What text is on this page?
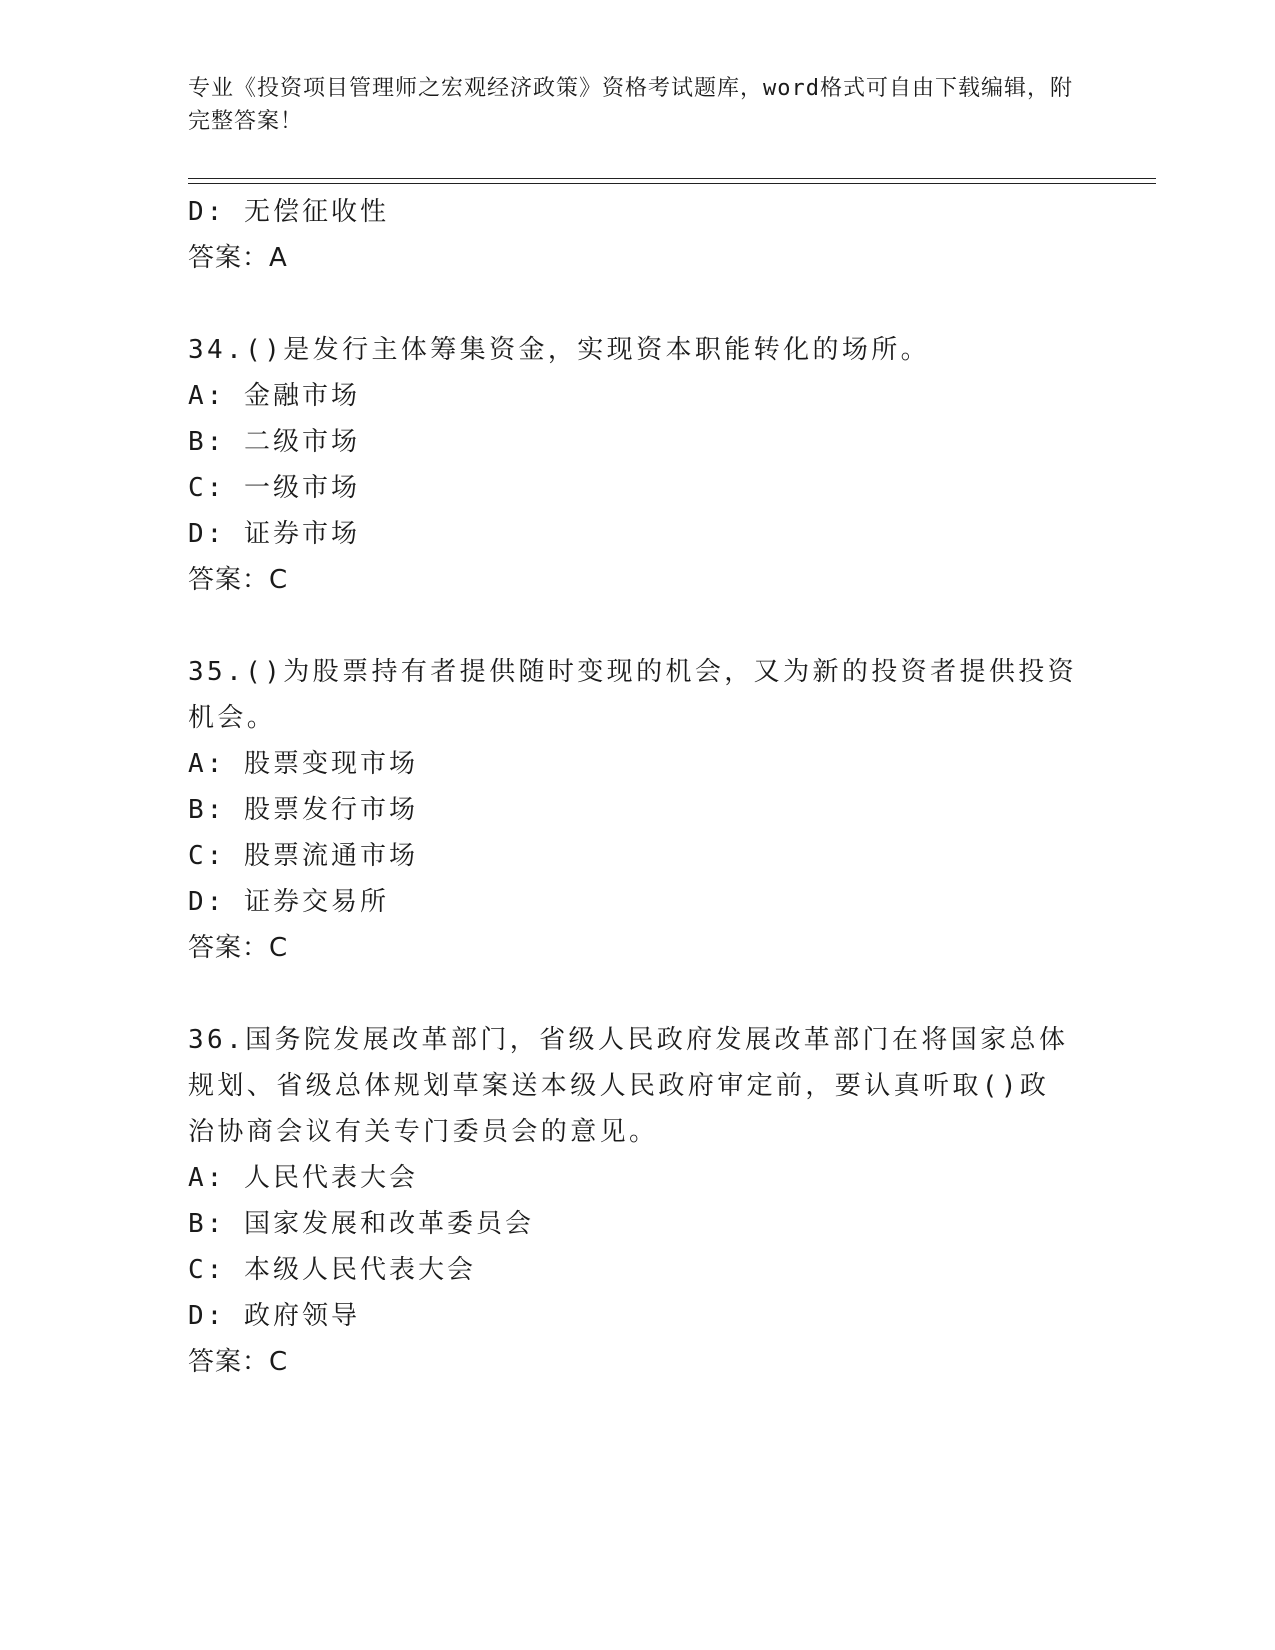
专业《投资项目管理师之宏观经济政策》资格考试题库，word格式可自由下载编辑，附完整答案！
D: 无偿征收性
答案：A
34.()是发行主体筹集资金，实现资本职能转化的场所。
A: 金融市场
B: 二级市场
C: 一级市场
D: 证券市场
答案：C
35.()为股票持有者提供随时变现的机会，又为新的投资者提供投资机会。
A: 股票变现市场
B: 股票发行市场
C: 股票流通市场
D: 证券交易所
答案：C
36.国务院发展改革部门，省级人民政府发展改革部门在将国家总体规划、省级总体规划草案送本级人民政府审定前，要认真听取()政治协商会议有关专门委员会的意见。
A: 人民代表大会
B: 国家发展和改革委员会
C: 本级人民代表大会
D: 政府领导
答案：C
